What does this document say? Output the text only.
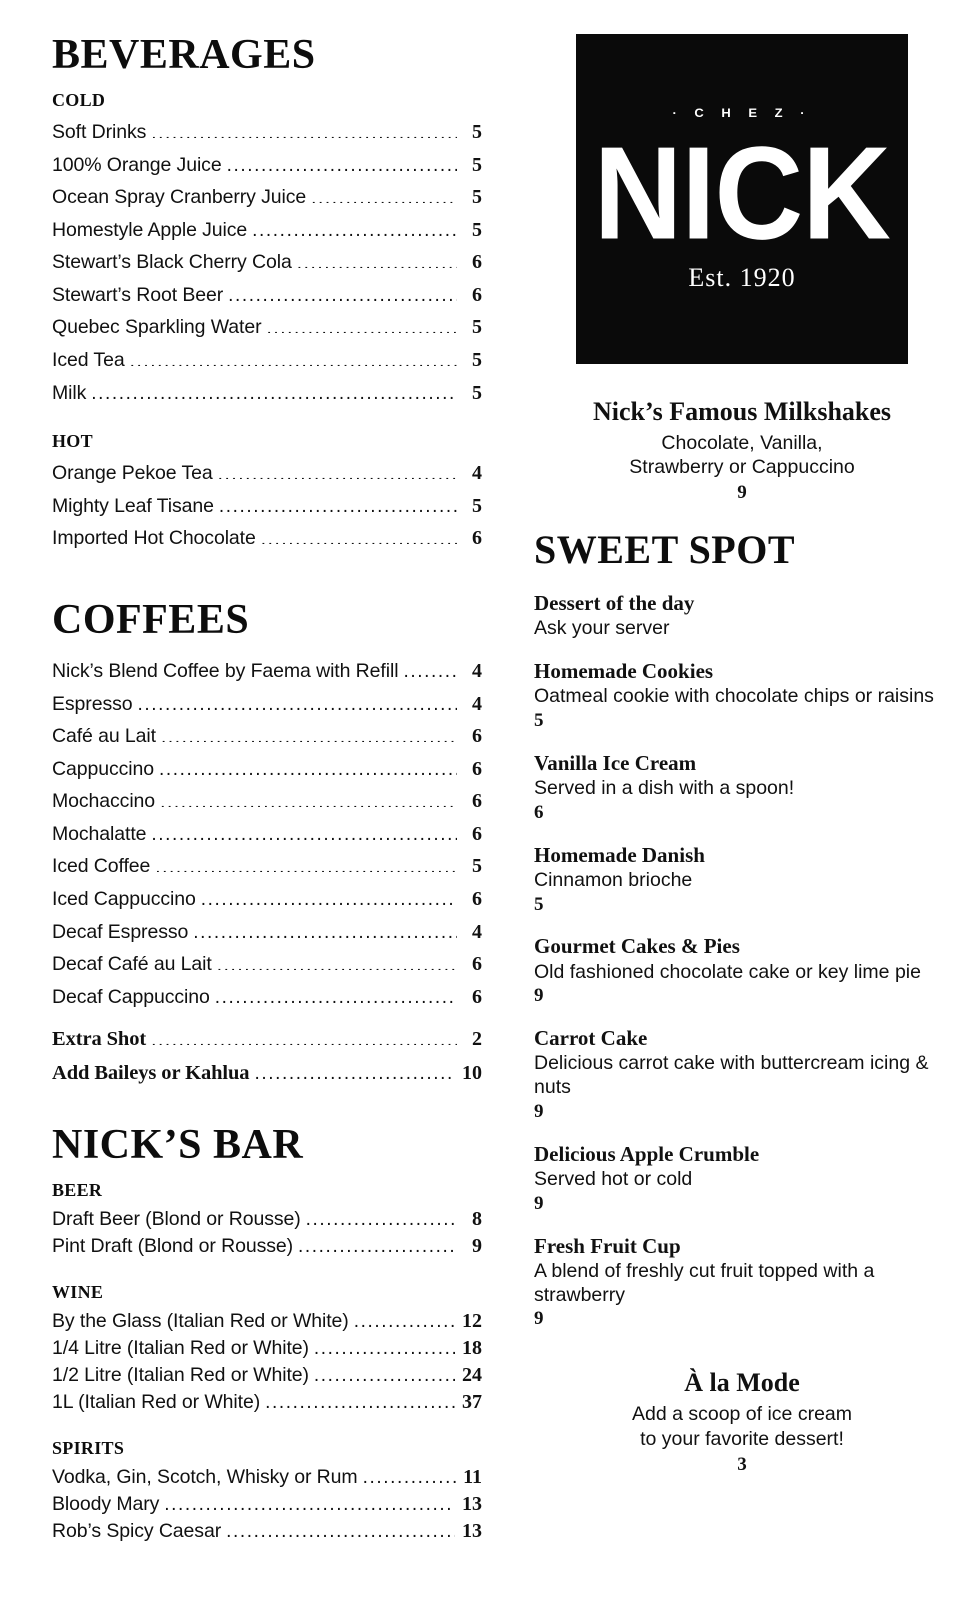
BEVERAGES
COLD
Soft Drinks .....	5
100% Orange Juice .....	5
Ocean Spray Cranberry Juice .....	5
Homestyle Apple Juice .....	5
Stewart’s Black Cherry Cola .....	6
Stewart’s Root Beer .....	6
Quebec Sparkling Water .....	5
Iced Tea .....	5
Milk .....	5
HOT
Orange Pekoe Tea .....	4
Mighty Leaf Tisane .....	5
Imported Hot Chocolate .....	6
COFFEES
Nick’s Blend Coffee by Faema with Refill .....	4
Espresso .....	4
Café au Lait .....	6
Cappuccino .....	6
Mochaccino .....	6
Mochalatte .....	6
Iced Coffee .....	5
Iced Cappuccino .....	6
Decaf Espresso .....	4
Decaf Café au Lait .....	6
Decaf Cappuccino .....	6
Extra Shot .....	2
Add Baileys or Kahlua .....	10
NICK’S BAR
BEER
Draft Beer (Blond or Rousse) .....	8
Pint Draft (Blond or Rousse) .....	9
WINE
By the Glass (Italian Red or White) .....	12
1/4 Litre (Italian Red or White) .....	18
1/2 Litre (Italian Red or White) .....	24
1L (Italian Red or White) .....	37
SPIRITS
Vodka, Gin, Scotch, Whisky or Rum .....	11
Bloody Mary .....	13
Rob’s Spicy Caesar .....	13
· C H E Z ·
NICK
Est. 1920
Nick’s Famous Milkshakes
Chocolate, Vanilla,
Strawberry or Cappuccino
9
SWEET SPOT
Dessert of the day
Ask your server
Homemade Cookies
Oatmeal cookie with chocolate chips or raisins
5
Vanilla Ice Cream
Served in a dish with a spoon!
6
Homemade Danish
Cinnamon brioche
5
Gourmet Cakes & Pies
Old fashioned chocolate cake or key lime pie
9
Carrot Cake
Delicious carrot cake with buttercream icing & nuts
9
Delicious Apple Crumble
Served hot or cold
9
Fresh Fruit Cup
A blend of freshly cut fruit topped with a strawberry
9
À la Mode
Add a scoop of ice cream
to your favorite dessert!
3
